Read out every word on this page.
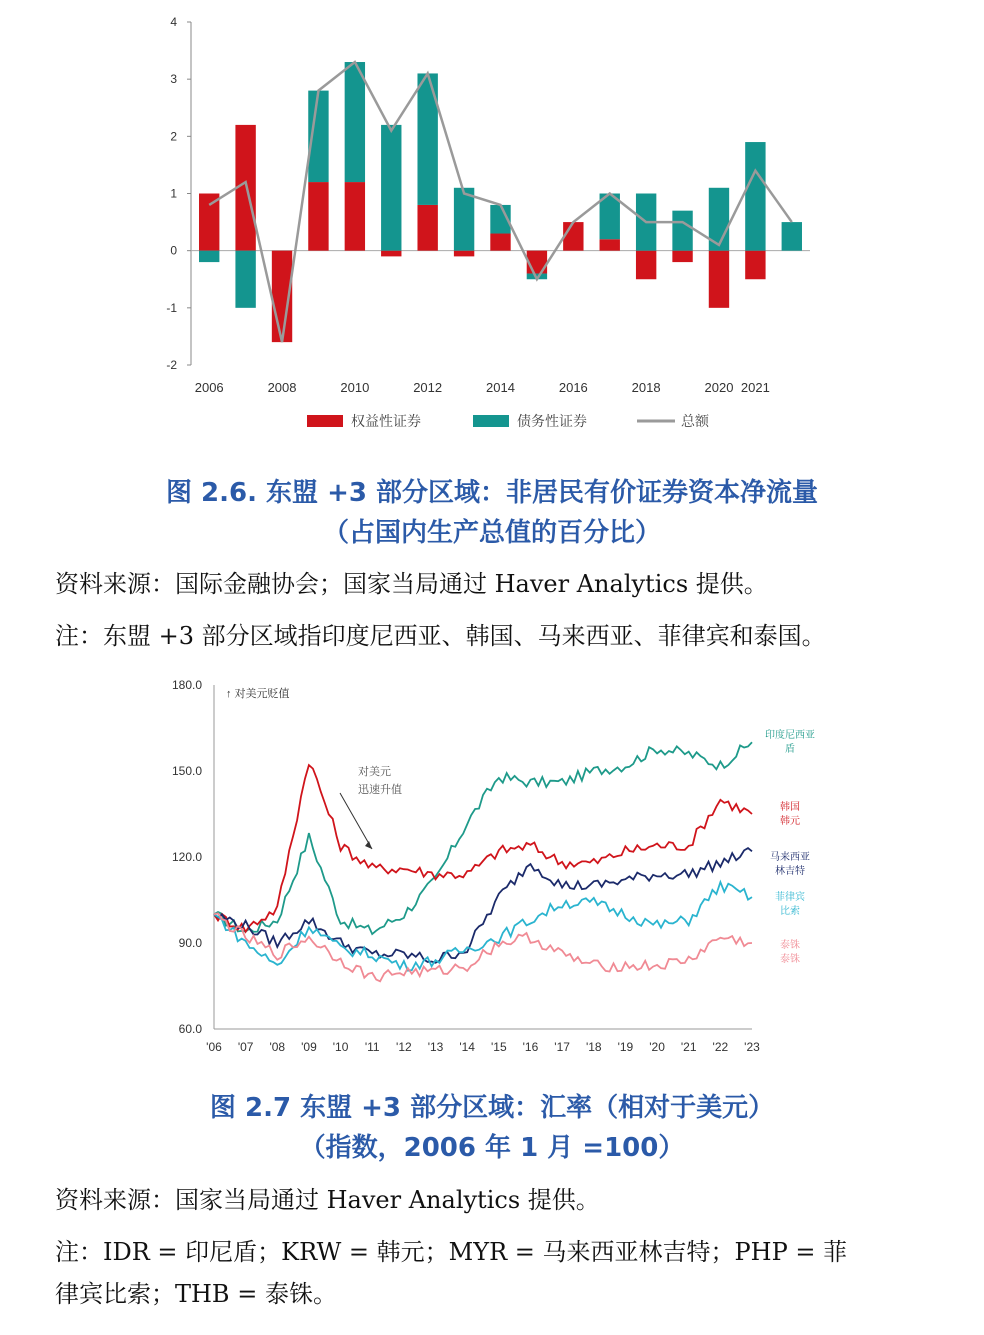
-2
-1
0
1
2
3
4
2006	2008	2010	2012	2014	2016	2018	2020 2021
权益性证券	债务性证券	总额
图 2.6. 东盟 +3 部分区域：非居民有价证券资本净流量
（占国内生产总值的百分比）
资料来源：国际金融协会；国家当局通过 Haver Analytics 提供。
注：东盟 +3 部分区域指印度尼西亚、韩国、马来西亚、菲律宾和泰国。
60.0
90.0
120.0
150.0
180.0
'06 '07 '08 '09 '10 '11 '12 '13 '14 '15 '16 '17 '18 '19 '20 '21 '22 '23
↑ 对美元贬值
对美元
迅速升值
印度尼西亚
盾
韩国
韩元
马来西亚
林吉特
菲律宾
比索
泰铢
泰铢
图 2.7 东盟 +3 部分区域：汇率（相对于美元）
（指数，2006 年 1 月 =100）
资料来源：国家当局通过 Haver Analytics 提供。
注：IDR = 印尼盾；KRW = 韩元；MYR = 马来西亚林吉特；PHP = 菲
律宾比索；THB = 泰铢。
